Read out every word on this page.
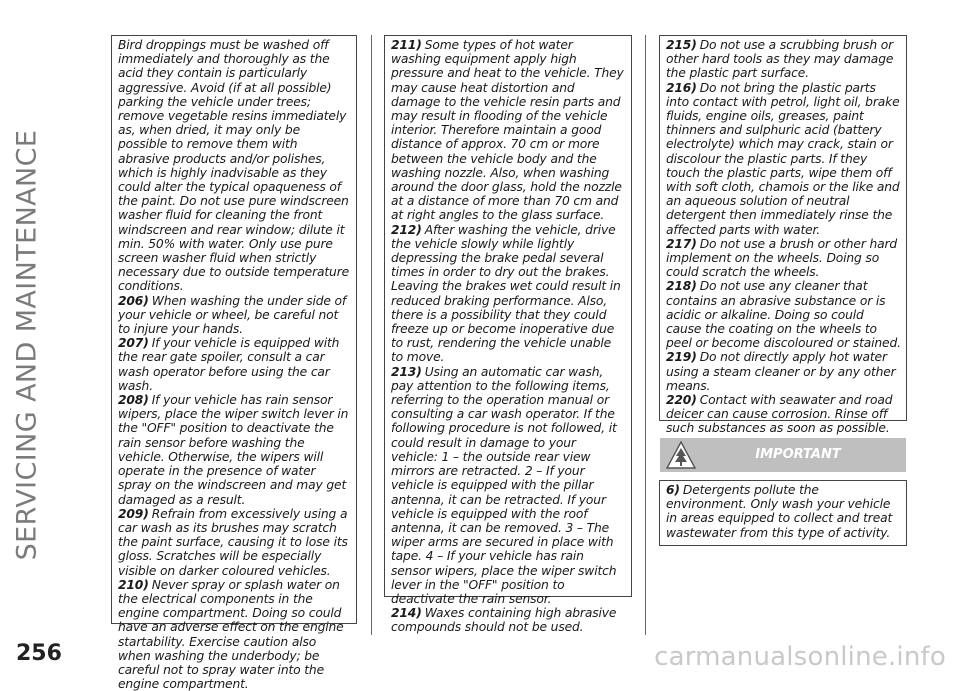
SERVICING AND MAINTENANCE

Bird droppings must be washed off immediately and thoroughly as the acid they contain is particularly aggressive. Avoid (if at all possible) parking the vehicle under trees; remove vegetable resins immediately as, when dried, it may only be possible to remove them with abrasive products and/or polishes, which is highly inadvisable as they could alter the typical opaqueness of the paint. Do not use pure windscreen washer fluid for cleaning the front windscreen and rear window; dilute it min. 50% with water. Only use pure screen washer fluid when strictly necessary due to outside temperature conditions.

206) When washing the under side of your vehicle or wheel, be careful not to injure your hands.

207) If your vehicle is equipped with the rear gate spoiler, consult a car wash operator before using the car wash.

208) If your vehicle has rain sensor wipers, place the wiper switch lever in the "OFF" position to deactivate the rain sensor before washing the vehicle. Otherwise, the wipers will operate in the presence of water spray on the windscreen and may get damaged as a result.

209) Refrain from excessively using a car wash as its brushes may scratch the paint surface, causing it to lose its gloss. Scratches will be especially visible on darker coloured vehicles.

210) Never spray or splash water on the electrical components in the engine compartment. Doing so could have an adverse effect on the engine startability. Exercise caution also when washing the underbody; be careful not to spray water into the engine compartment.

211) Some types of hot water washing equipment apply high pressure and heat to the vehicle. They may cause heat distortion and damage to the vehicle resin parts and may result in flooding of the vehicle interior. Therefore maintain a good distance of approx. 70 cm or more between the vehicle body and the washing nozzle. Also, when washing around the door glass, hold the nozzle at a distance of more than 70 cm and at right angles to the glass surface.

212) After washing the vehicle, drive the vehicle slowly while lightly depressing the brake pedal several times in order to dry out the brakes. Leaving the brakes wet could result in reduced braking performance. Also, there is a possibility that they could freeze up or become inoperative due to rust, rendering the vehicle unable to move.

213) Using an automatic car wash, pay attention to the following items, referring to the operation manual or consulting a car wash operator. If the following procedure is not followed, it could result in damage to your vehicle: 1 – the outside rear view mirrors are retracted. 2 – If your vehicle is equipped with the pillar antenna, it can be retracted. If your vehicle is equipped with the roof antenna, it can be removed. 3 – The wiper arms are secured in place with tape. 4 – If your vehicle has rain sensor wipers, place the wiper switch lever in the "OFF" position to deactivate the rain sensor.

214) Waxes containing high abrasive compounds should not be used.

215) Do not use a scrubbing brush or other hard tools as they may damage the plastic part surface.

216) Do not bring the plastic parts into contact with petrol, light oil, brake fluids, engine oils, greases, paint thinners and sulphuric acid (battery electrolyte) which may crack, stain or discolour the plastic parts. If they touch the plastic parts, wipe them off with soft cloth, chamois or the like and an aqueous solution of neutral detergent then immediately rinse the affected parts with water.

217) Do not use a brush or other hard implement on the wheels. Doing so could scratch the wheels.

218) Do not use any cleaner that contains an abrasive substance or is acidic or alkaline. Doing so could cause the coating on the wheels to peel or become discoloured or stained.

219) Do not directly apply hot water using a steam cleaner or by any other means.

220) Contact with seawater and road deicer can cause corrosion. Rinse off such substances as soon as possible.

IMPORTANT

6) Detergents pollute the environment. Only wash your vehicle in areas equipped to collect and treat wastewater from this type of activity.

256	carmanualsonline.info
